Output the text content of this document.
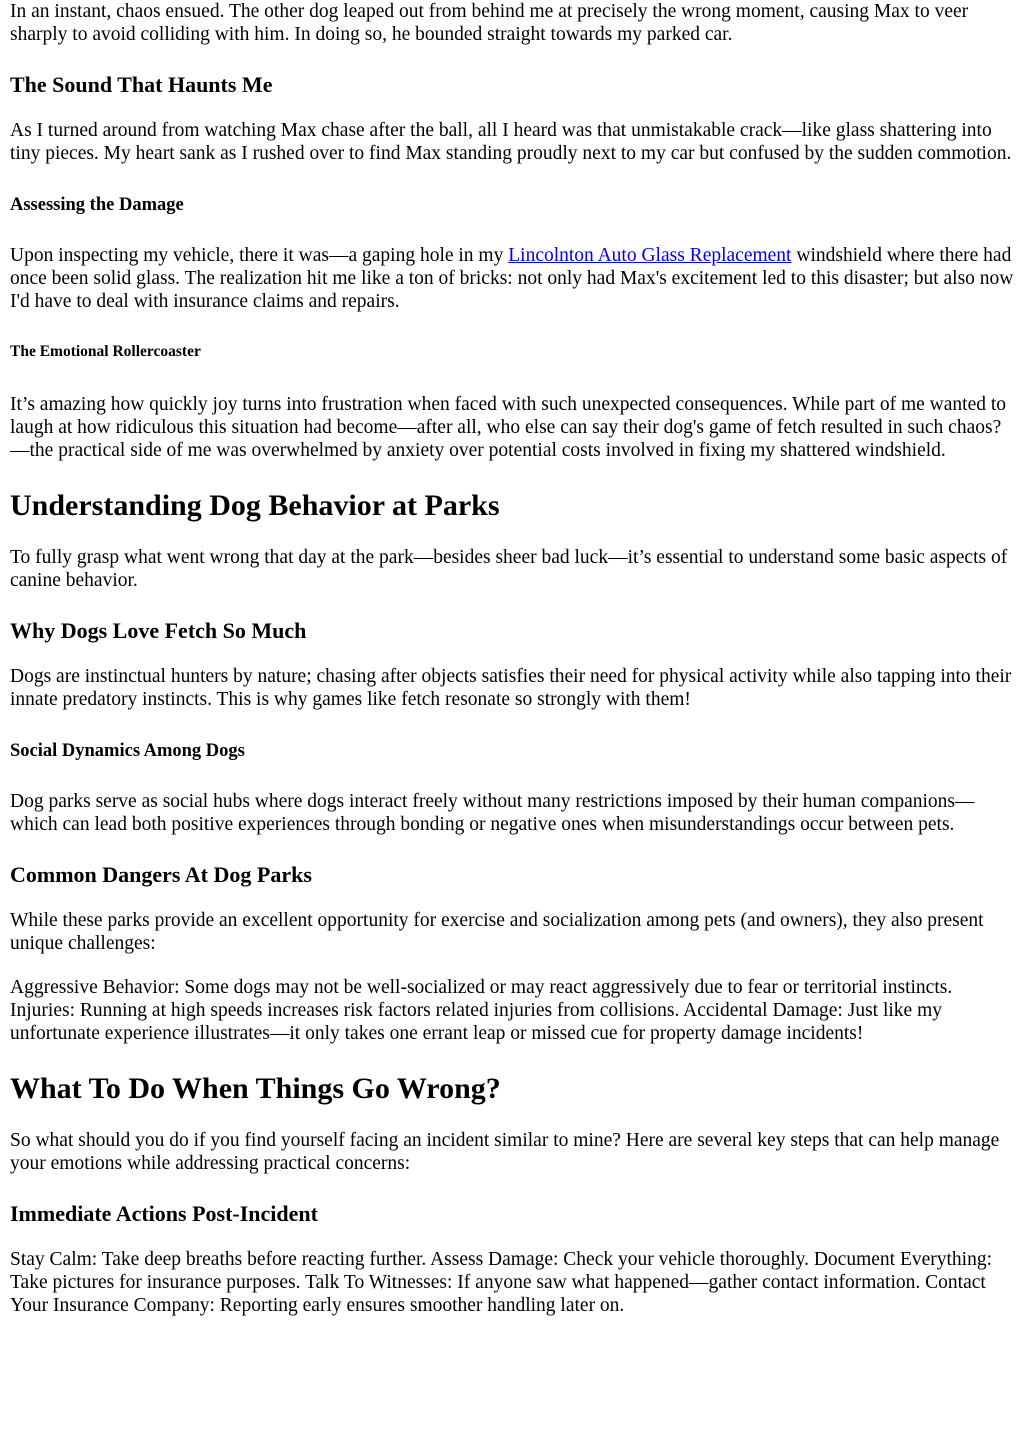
In an instant, chaos ensued. The other dog leaped out from behind me at precisely the wrong moment, causing Max to veer sharply to avoid colliding with him. In doing so, he bounded straight towards my parked car.

The Sound That Haunts Me

As I turned around from watching Max chase after the ball, all I heard was that unmistakable crack—like glass shattering into tiny pieces. My heart sank as I rushed over to find Max standing proudly next to my car but confused by the sudden commotion.

Assessing the Damage

Upon inspecting my vehicle, there it was—a gaping hole in my Lincolnton Auto Glass Replacement windshield where there had once been solid glass. The realization hit me like a ton of bricks: not only had Max's excitement led to this disaster; but also now I'd have to deal with insurance claims and repairs.

The Emotional Rollercoaster

It’s amazing how quickly joy turns into frustration when faced with such unexpected consequences. While part of me wanted to laugh at how ridiculous this situation had become—after all, who else can say their dog's game of fetch resulted in such chaos?—the practical side of me was overwhelmed by anxiety over potential costs involved in fixing my shattered windshield.

Understanding Dog Behavior at Parks

To fully grasp what went wrong that day at the park—besides sheer bad luck—it’s essential to understand some basic aspects of canine behavior.

Why Dogs Love Fetch So Much

Dogs are instinctual hunters by nature; chasing after objects satisfies their need for physical activity while also tapping into their innate predatory instincts. This is why games like fetch resonate so strongly with them!

Social Dynamics Among Dogs

Dog parks serve as social hubs where dogs interact freely without many restrictions imposed by their human companions—which can lead both positive experiences through bonding or negative ones when misunderstandings occur between pets.

Common Dangers At Dog Parks

While these parks provide an excellent opportunity for exercise and socialization among pets (and owners), they also present unique challenges:

Aggressive Behavior: Some dogs may not be well-socialized or may react aggressively due to fear or territorial instincts. Injuries: Running at high speeds increases risk factors related injuries from collisions. Accidental Damage: Just like my unfortunate experience illustrates—it only takes one errant leap or missed cue for property damage incidents!

What To Do When Things Go Wrong?

So what should you do if you find yourself facing an incident similar to mine? Here are several key steps that can help manage your emotions while addressing practical concerns:

Immediate Actions Post-Incident

Stay Calm: Take deep breaths before reacting further. Assess Damage: Check your vehicle thoroughly. Document Everything: Take pictures for insurance purposes. Talk To Witnesses: If anyone saw what happened—gather contact information. Contact Your Insurance Company: Reporting early ensures smoother handling later on.
